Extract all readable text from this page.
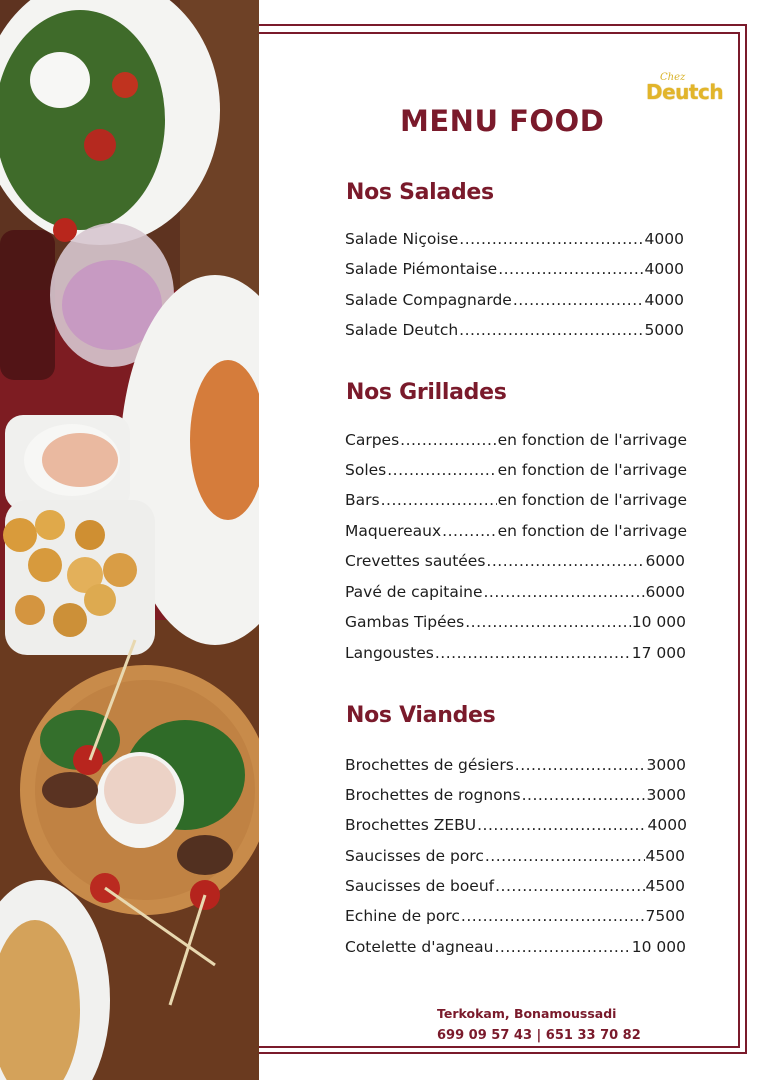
Chez
Deutch
MENU FOOD
Nos Salades
Salade Niçoise .....	4000
Salade Piémontaise .....	4000
Salade Compagnarde .....	4000
Salade Deutch .....	5000
Nos Grillades
Carpes .....	en fonction de l'arrivage
Soles .....	en fonction de l'arrivage
Bars .....	en fonction de l'arrivage
Maquereaux .....	en fonction de l'arrivage
Crevettes sautées .....	6000
Pavé de capitaine .....	6000
Gambas Tipées .....	10 000
Langoustes .....	17 000
Nos Viandes
Brochettes de gésiers .....	3000
Brochettes de rognons .....	3000
Brochettes ZEBU .....	4000
Saucisses de porc .....	4500
Saucisses de boeuf .....	4500
Echine de porc .....	7500
Cotelette d'agneau .....	10 000
Terkokam, Bonamoussadi
699 09 57 43 | 651 33 70 82
